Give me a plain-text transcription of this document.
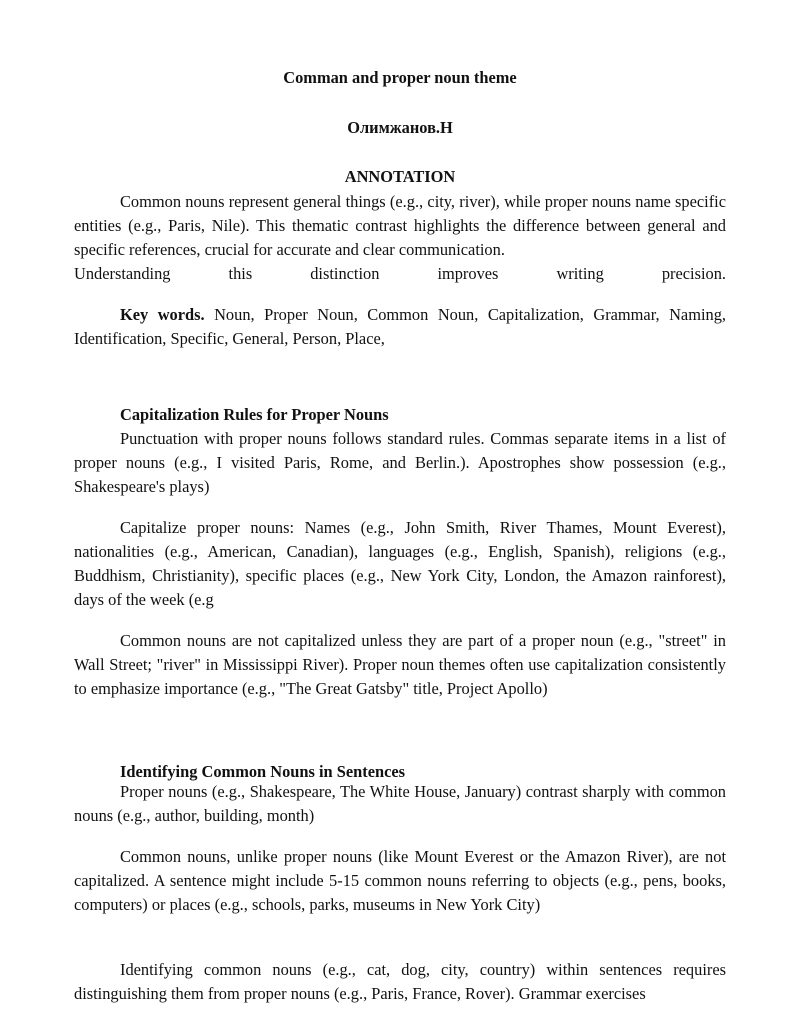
Comman and proper noun theme
Олимжанов.Н
ANNOTATION
Common nouns represent general things (e.g., city, river), while proper nouns name specific entities (e.g., Paris, Nile). This thematic contrast highlights the difference between general and specific references, crucial for accurate and clear communication.
Understanding this distinction improves writing precision.
Key words. Noun, Proper Noun, Common Noun, Capitalization, Grammar, Naming, Identification, Specific, General, Person, Place,
Capitalization Rules for Proper Nouns
Punctuation with proper nouns follows standard rules. Commas separate items in a list of proper nouns (e.g., I visited Paris, Rome, and Berlin.). Apostrophes show possession (e.g., Shakespeare's plays)
Capitalize proper nouns: Names (e.g., John Smith, River Thames, Mount Everest), nationalities (e.g., American, Canadian), languages (e.g., English, Spanish), religions (e.g., Buddhism, Christianity), specific places (e.g., New York City, London, the Amazon rainforest), days of the week (e.g
Common nouns are not capitalized unless they are part of a proper noun (e.g., "street" in Wall Street; "river" in Mississippi River). Proper noun themes often use capitalization consistently to emphasize importance (e.g., "The Great Gatsby" title, Project Apollo)
Identifying Common Nouns in Sentences
Proper nouns (e.g., Shakespeare, The White House, January) contrast sharply with common nouns (e.g., author, building, month)
Common nouns, unlike proper nouns (like Mount Everest or the Amazon River), are not capitalized. A sentence might include 5-15 common nouns referring to objects (e.g., pens, books, computers) or places (e.g., schools, parks, museums in New York City)
Identifying common nouns (e.g., cat, dog, city, country) within sentences requires distinguishing them from proper nouns (e.g., Paris, France, Rover). Grammar exercises
